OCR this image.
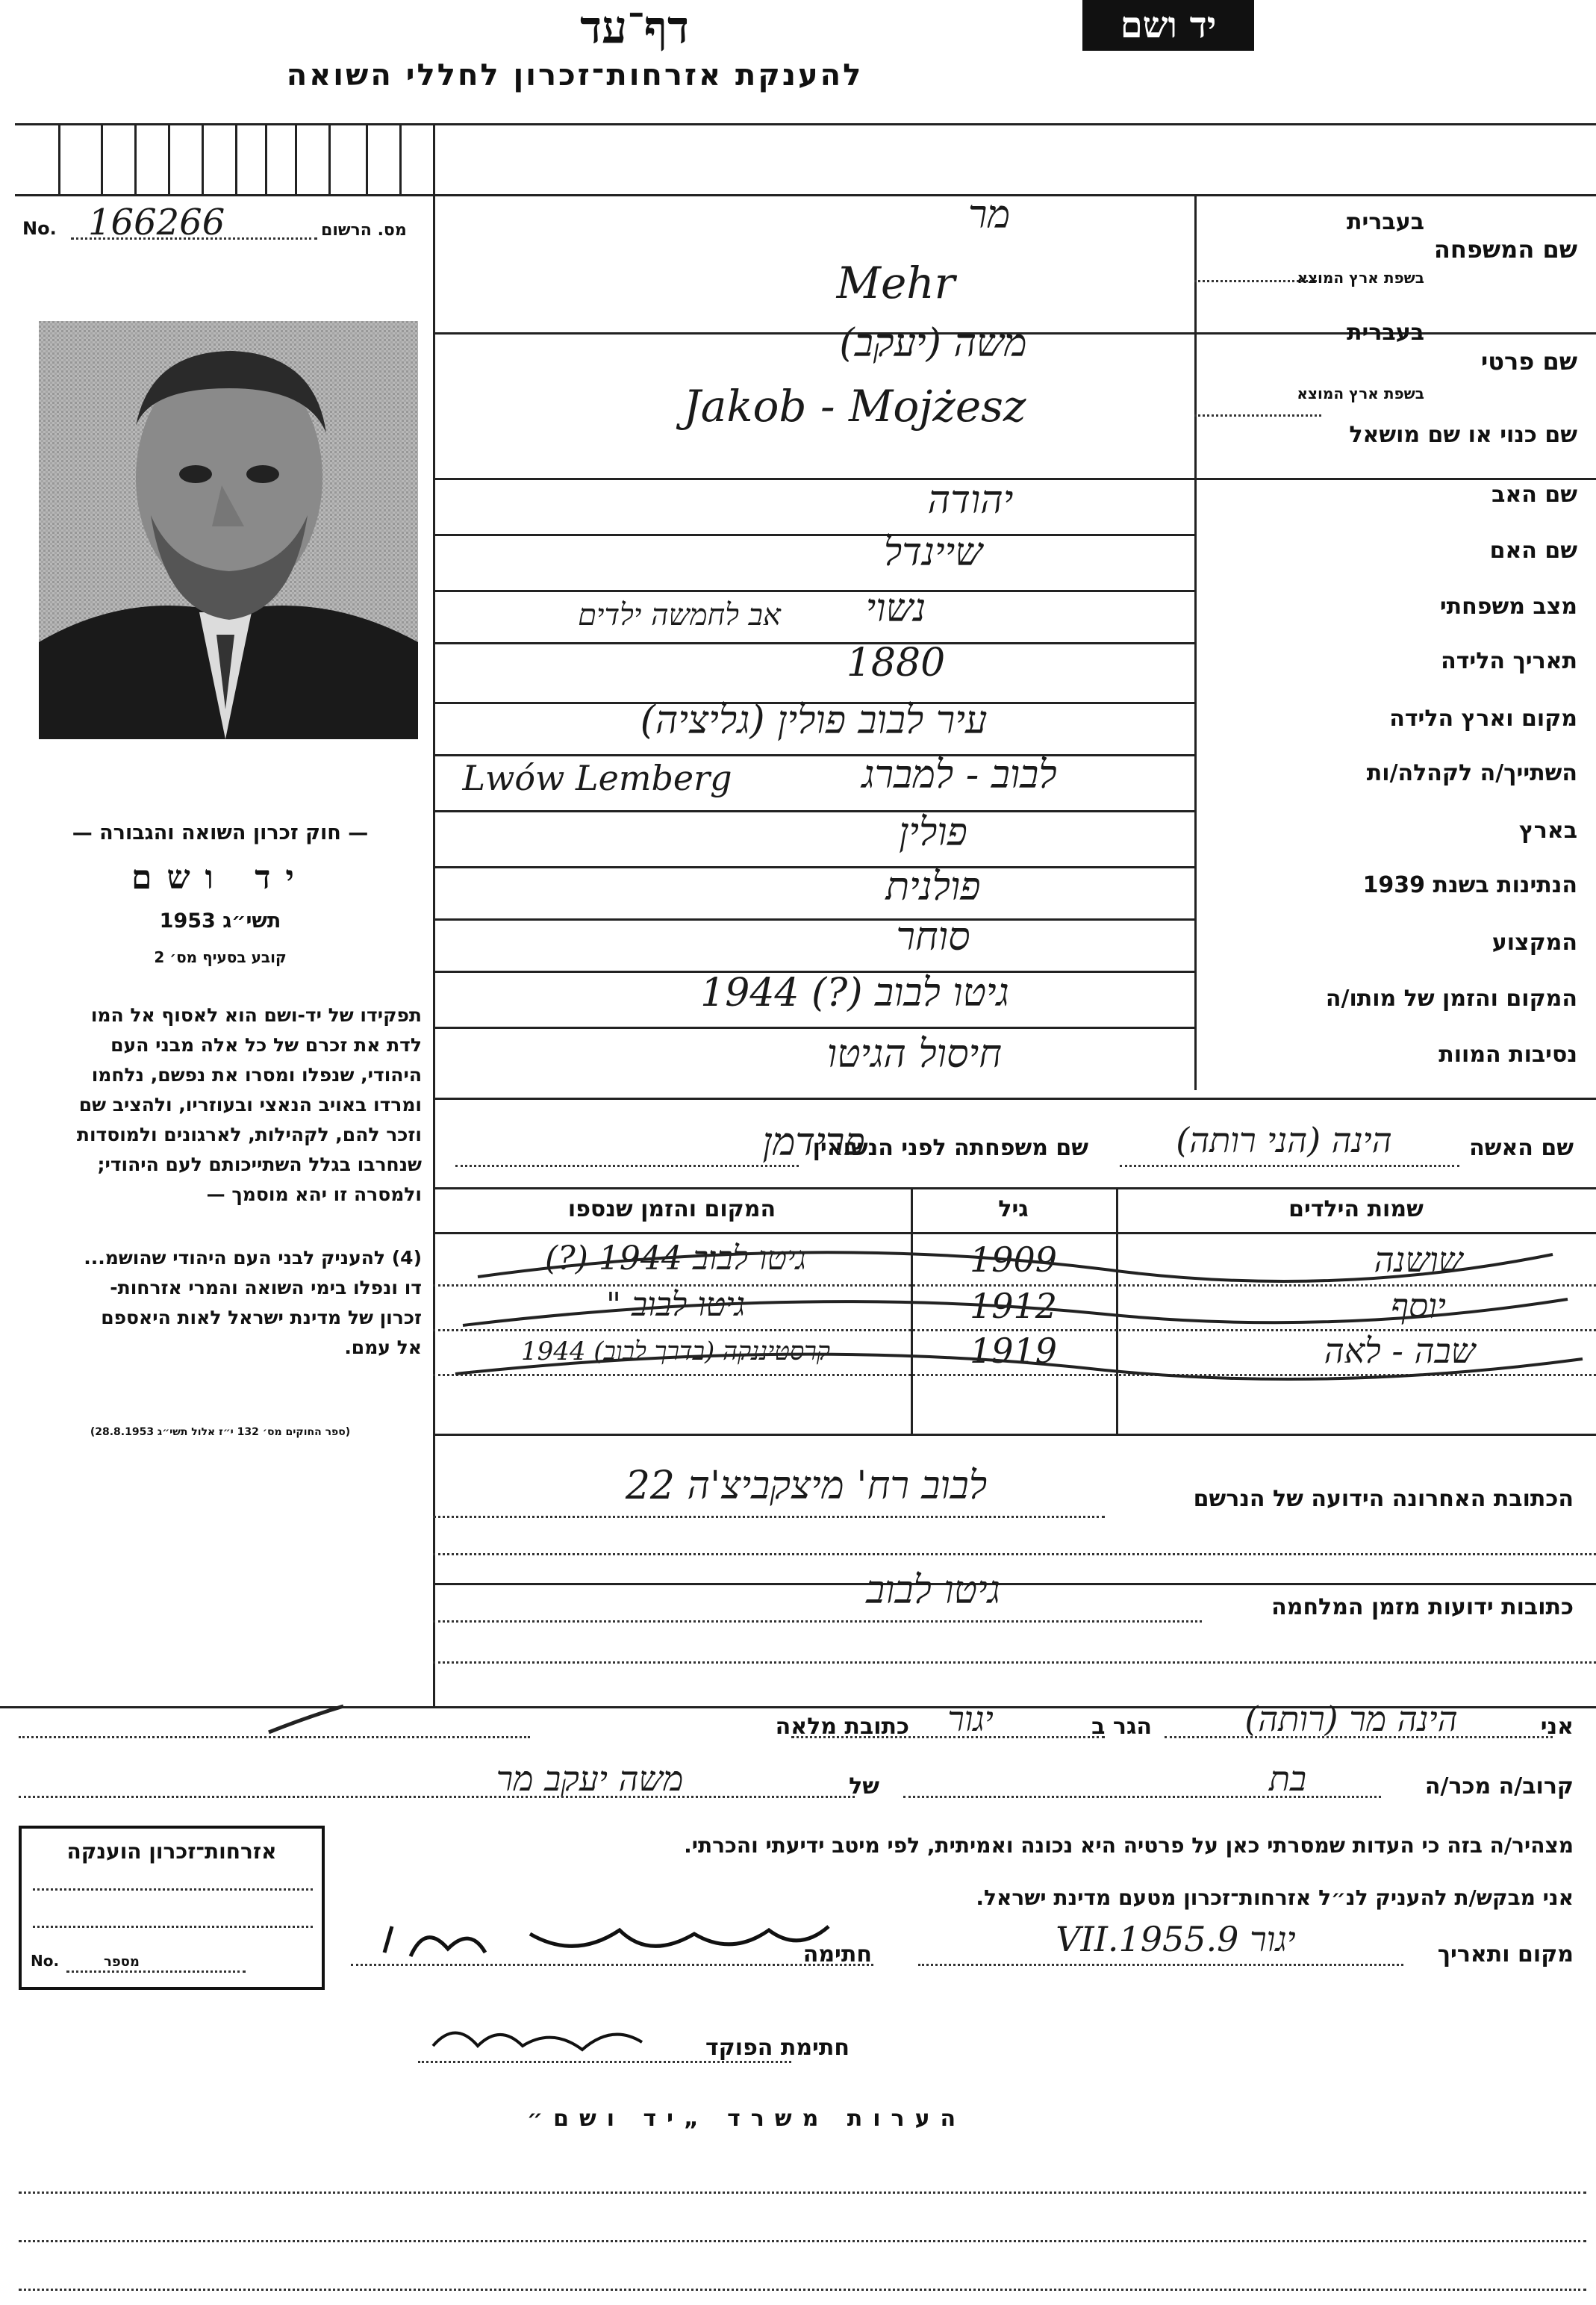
דף־עד
להענקת אזרחות־זכרון לחללי השואה
יד ושם
No. 166266	מס. הרשום
— חוק זכרון השואה והגבורה —
יד ושם
תשי״ג 1953
קובע בסעיף מס׳ 2
תפקידו של יד-ושם הוא לאסוף אל המו
לדת את זכרם של כל אלה מבני העם
היהודי, שנפלו ומסרו את נפשם, נלחמו
ומרדו באויב הנאצי ובעוזריו, ולהציב שם
וזכר להם, לקהילות, לארגונים ולמוסדות
שנחרבו בגלל השתייכותם לעם היהודי;
ולמסרה זו יהא מוסמך —
(4) להעניק לבני העם היהודי שהושמ...
דו ונפלו בימי השואה והמרי אזרחות-
זכרון של מדינת ישראל לאות היאספם
אל עמם.
(ספר החוקים מס׳ 132 י״ז אלול תשי״ג 28.8.1953)
שם המשפחה
בעברית
בשפת ארץ המוצא
מר
Mehr
שם פרטי
בעברית
בשפת ארץ המוצא
משה (יעקב)
Jakob - Mojżesz
שם כנוי או שם מושאל
שם האב
יהודה
שם האם
שיינדל
מצב משפחתי
נשוי
אב לחמשה ילדים
תאריך הלידה
1880
מקום וארץ הלידה
עיר לבוב פולין (גליציה)
השתייך/ה לקהלה/ות
לבוב - למברג
Lwów Lemberg
בארץ
פולין
הנתינות בשנת 1939
פולנית
המקצוע
סוחר
המקום והזמן של מותו/ה
גיטו לבוב (?) 1944
נסיבות המוות
חיסול הגיטו
שם האשה
הינה (הני רותה)
שם משפחתה לפני הנשואין
פרידמן
שמות הילדים
גיל
המקום והזמן שנספו
שושנה
1909
גיטו לבוב 1944 (?)
יוסף
1912
גיטו לבוב "
שבה - לאה
1919
קרסטיננקה (בדרך לבוב) 1944
הכתובת האחרונה הידועה של הנרשם
לבוב רח' מיצקביצ'ה 22
כתובות ידועות מזמן המלחמה
גיטו לבוב
אני
הינה מר (רותה)
הגר ב
יגור
כתובת מלאה
קרוב/ה מכר/ה
בת
של
משה יעקב מר
מצהיר/ה בזה כי העדות שמסרתי כאן על פרטיה היא נכונה ואמיתית, לפי מיטב ידיעתי והכרתי.
אני מבקש/ת להעניק לנ״ל אזרחות־זכרון מטעם מדינת ישראל.
מקום ותאריך
יגור 9.VII.1955
חתימה
חתימת הפוקד
אזרחות־זכרון הוענקה
No.	מספר
הערות משרד „יד ושם״
